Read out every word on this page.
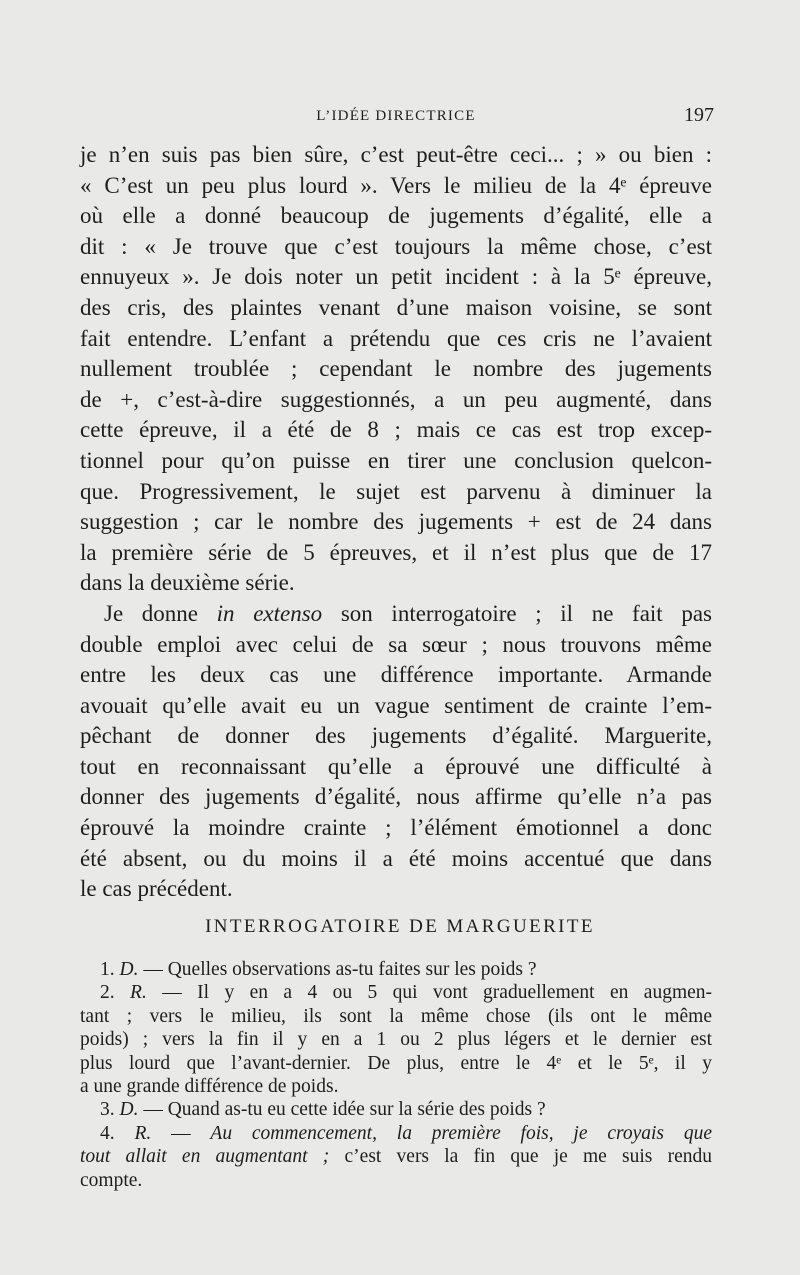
L’IDÉE DIRECTRICE	197
je n’en suis pas bien sûre, c’est peut-être ceci... ; » ou bien :
« C’est un peu plus lourd ». Vers le milieu de la 4ᵉ épreuve
où elle a donné beaucoup de jugements d’égalité, elle a
dit : « Je trouve que c’est toujours la même chose, c’est
ennuyeux ». Je dois noter un petit incident : à la 5ᵉ épreuve,
des cris, des plaintes venant d’une maison voisine, se sont
fait entendre. L’enfant a prétendu que ces cris ne l’avaient
nullement troublée ; cependant le nombre des jugements
de +, c’est-à-dire suggestionnés, a un peu augmenté, dans
cette épreuve, il a été de 8 ; mais ce cas est trop excep-
tionnel pour qu’on puisse en tirer une conclusion quelcon-
que. Progressivement, le sujet est parvenu à diminuer la
suggestion ; car le nombre des jugements + est de 24 dans
la première série de 5 épreuves, et il n’est plus que de 17
dans la deuxième série.
Je donne in extenso son interrogatoire ; il ne fait pas
double emploi avec celui de sa sœur ; nous trouvons même
entre les deux cas une différence importante. Armande
avouait qu’elle avait eu un vague sentiment de crainte l’em-
pêchant de donner des jugements d’égalité. Marguerite,
tout en reconnaissant qu’elle a éprouvé une difficulté à
donner des jugements d’égalité, nous affirme qu’elle n’a pas
éprouvé la moindre crainte ; l’élément émotionnel a donc
été absent, ou du moins il a été moins accentué que dans
le cas précédent.
INTERROGATOIRE DE MARGUERITE
1. D. — Quelles observations as-tu faites sur les poids ?
2. R. — Il y en a 4 ou 5 qui vont graduellement en augmen-
tant ; vers le milieu, ils sont la même chose (ils ont le même
poids) ; vers la fin il y en a 1 ou 2 plus légers et le dernier est
plus lourd que l’avant-dernier. De plus, entre le 4ᵉ et le 5ᵉ, il y
a une grande différence de poids.
3. D. — Quand as-tu eu cette idée sur la série des poids ?
4. R. — Au commencement, la première fois, je croyais que
tout allait en augmentant ; c’est vers la fin que je me suis rendu
compte.
